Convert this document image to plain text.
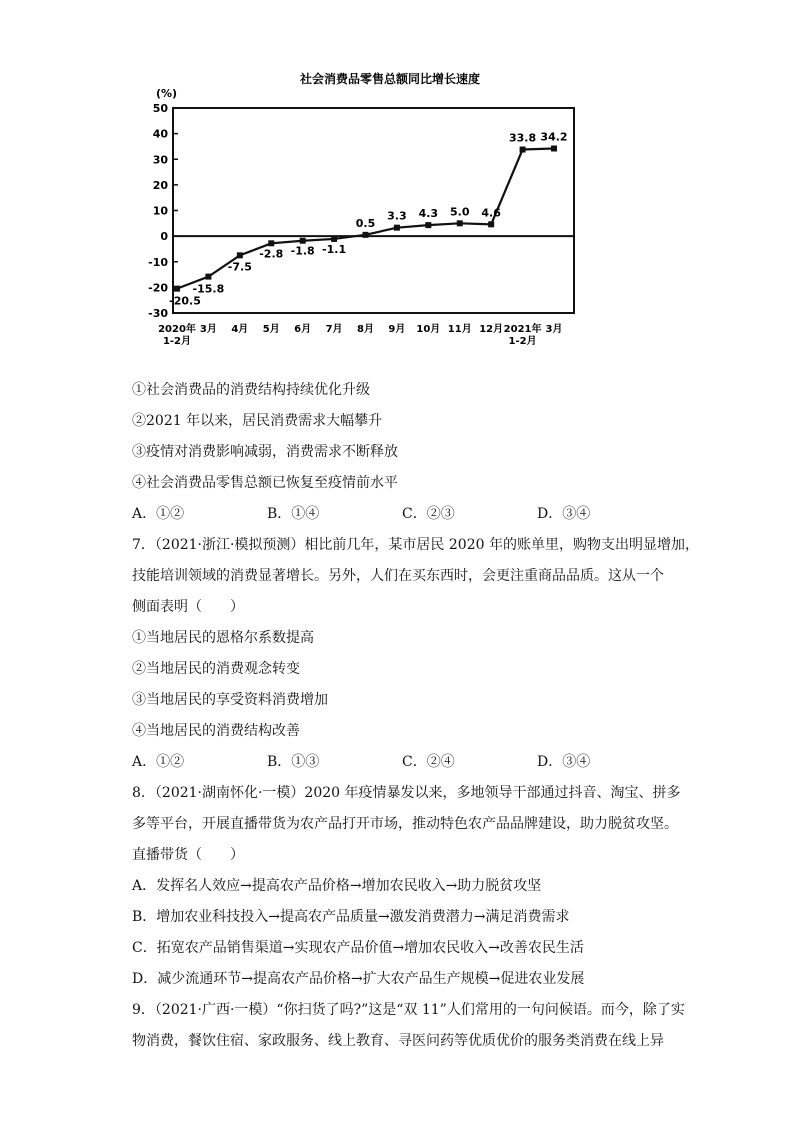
社会消费品零售总额同比增长速度
(%)
-30
-20
-10
0
10
20
30
40
50
2020年 1-2月
3月 4月 5月 6月 7月 8月 9月 10月 11月 12月 2021年 1-2月
3月
-20.5
-15.8
-7.5
-2.8 -1.8 -1.1
0.5
3.3 4.3 5.0 4.6
33.8 34.2
①社会消费品的消费结构持续优化升级
②2021 年以来，居民消费需求大幅攀升
③疫情对消费影响减弱，消费需求不断释放
④社会消费品零售总额已恢复至疫情前水平
A．①②	B．①④	C．②③	D．③④
7．（2021·浙江·模拟预测）相比前几年，某市居民 2020 年的账单里，购物支出明显增加，
技能培训领域的消费显著增长。另外，人们在买东西时，会更注重商品品质。这从一个
侧面表明（　　）
①当地居民的恩格尔系数提高
②当地居民的消费观念转变
③当地居民的享受资料消费增加
④当地居民的消费结构改善
A．①②	B．①③	C．②④	D．③④
8．（2021·湖南怀化·一模）2020 年疫情暴发以来，多地领导干部通过抖音、淘宝、拼多
多等平台，开展直播带货为农产品打开市场，推动特色农产品品牌建设，助力脱贫攻坚。
直播带货（　　）
A．发挥名人效应→提高农产品价格→增加农民收入→助力脱贫攻坚
B．增加农业科技投入→提高农产品质量→激发消费潜力→满足消费需求
C．拓宽农产品销售渠道→实现农产品价值→增加农民收入→改善农民生活
D．减少流通环节→提高农产品价格→扩大农产品生产规模→促进农业发展
9．（2021·广西·一模）“你扫货了吗?”这是“双 11”人们常用的一句问候语。而今，除了实
物消费，餐饮住宿、家政服务、线上教育、寻医问药等优质优价的服务类消费在线上异
